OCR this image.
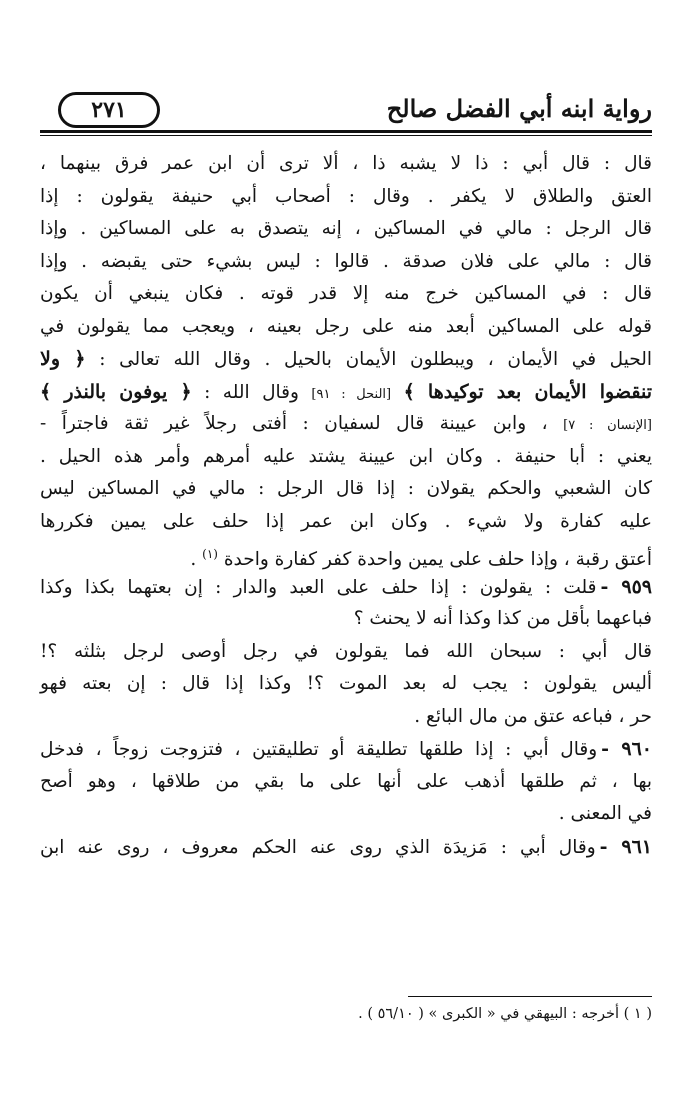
رواية ابنه أبي الفضل صالح
٢٧١
قال : قال أبي : ذا لا يشبه ذا ، ألا ترى أن ابن عمر فرق بينهما ،
العتق والطلاق لا يكفر . وقال : أصحاب أبي حنيفة يقولون : إذا
قال الرجل : مالي في المساكين ، إنه يتصدق به على المساكين . وإذا
قال : مالي على فلان صدقة . قالوا : ليس بشيء حتى يقبضه . وإذا
قال : في المساكين خرج منه إلا قدر قوته . فكان ينبغي أن يكون
قوله على المساكين أبعد منه على رجل بعينه ، ويعجب مما يقولون في
الحيل في الأيمان ، ويبطلون الأيمان بالحيل . وقال الله تعالى : ﴿ ولا
تنقضوا الأيمان بعد توكيدها ﴾ [النحل : ٩١] وقال الله : ﴿ يوفون بالنذر ﴾
[الإنسان : ٧] ، وابن عيينة قال لسفيان : أفتى رجلاً غير ثقة فاجتراً -
يعني : أبا حنيفة . وكان ابن عيينة يشتد عليه أمرهم وأمر هذه الحيل .
كان الشعبي والحكم يقولان : إذا قال الرجل : مالي في المساكين ليس
عليه كفارة ولا شيء . وكان ابن عمر إذا حلف على يمين فكررها
أعتق رقبة ، وإذا حلف على يمين واحدة كفر كفارة واحدة $^{(١)}$ .
٩٥٩ -قلت : يقولون : إذا حلف على العبد والدار : إن بعتهما بكذا وكذا
فباعهما بأقل من كذا وكذا أنه لا يحنث ؟
قال أبي : سبحان الله فما يقولون في رجل أوصى لرجل بثلثه ؟!
أليس يقولون : يجب له بعد الموت ؟! وكذا إذا قال : إن بعته فهو
حر ، فباعه عتق من مال البائع .
٩٦٠ -وقال أبي : إذا طلقها تطليقة أو تطليقتين ، فتزوجت زوجاً ، فدخل
بها ، ثم طلقها أذهب على أنها على ما بقي من طلاقها ، وهو أصح
في المعنى .
٩٦١ -وقال أبي : مَزيدَة الذي روى عنه الحكم معروف ، روى عنه ابن
( ١ ) أخرجه : البيهقي في « الكبرى » ( ٥٦/١٠ ) .
